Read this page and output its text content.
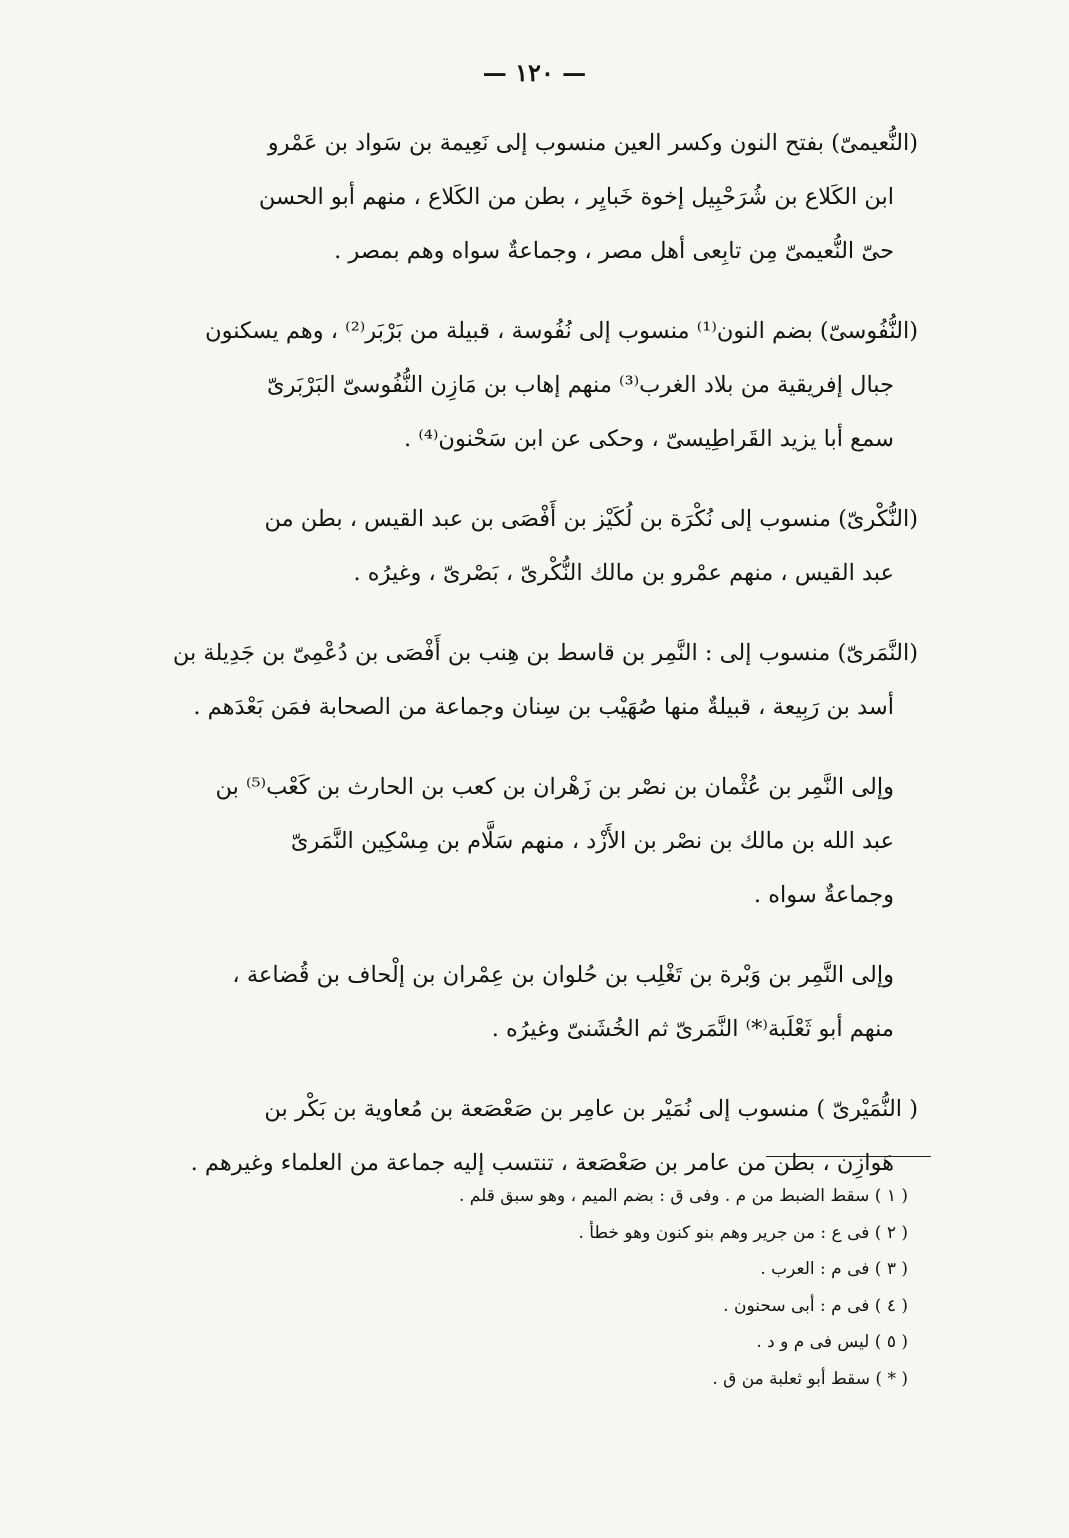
— ١٢٠ —
(النُّعيمىّ) بفتح النون وكسر العين منسوب إلى نَعِيمة بن سَواد بن عَمْرو
ابن الكَلاع بن شُرَحْبِيل إخوة خَبايِر ، بطن من الكَلاع ، منهم أبو الحسن
حىّ النُّعيمىّ مِن تابِعى أهل مصر ، وجماعةٌ سواه وهم بمصر .
(النُّفُوسىّ) بضم النون⁽¹⁾ منسوب إلى نُفُوسة ، قبيلة من بَرْبَر⁽²⁾ ، وهم يسكنون
جبال إفريقية من بلاد الغرب⁽³⁾ منهم إهاب بن مَازِن النُّفُوسىّ البَرْبَرىّ
سمع أبا يزيد القَراطِيسىّ ، وحكى عن ابن سَحْنون⁽⁴⁾ .
(النُّكْرىّ) منسوب إلى نُكْرَة بن لُكَيْز بن أَفْصَى بن عبد القيس ، بطن من
عبد القيس ، منهم عمْرو بن مالك النُّكْرىّ ، بَصْرىّ ، وغيرُه .
(النَّمَرىّ) منسوب إلى : النَّمِر بن قاسط بن هِنب بن أَفْصَى بن دُعْمِىّ بن جَدِيلة بن
أسد بن رَبِيعة ، قبيلةٌ منها صُهَيْب بن سِنان وجماعة من الصحابة فمَن بَعْدَهم .
وإلى النَّمِر بن عُثْمان بن نصْر بن زَهْران بن كعب بن الحارث بن كَعْب⁽⁵⁾ بن
عبد الله بن مالك بن نصْر بن الأَزْد ، منهم سَلَّام بن مِسْكِين النَّمَرىّ
وجماعةٌ سواه .
وإلى النَّمِر بن وَبْرة بن تَغْلِب بن حُلوان بن عِمْران بن إلْحاف بن قُضاعة ،
منهم أبو ثَعْلَبة⁽*⁾ النَّمَرىّ ثم الخُشَنىّ وغيرُه .
( النُّمَيْرىّ ) منسوب إلى نُمَيْر بن عامِر بن صَعْصَعة بن مُعاوية بن بَكْر بن
هَوازِن ، بطن من عامر بن صَعْصَعة ، تنتسب إليه جماعة من العلماء وغيرهم .
( ١ ) سقط الضبط من م . وفى ق : بضم الميم ، وهو سبق قلم .
( ٢ ) فى ع : من جرير وهم بنو كنون وهو خطأ .
( ٣ ) فى م : العرب .
( ٤ ) فى م : أبى سحنون .
( ٥ ) ليس فى م و د .
( * ) سقط أبو ثعلبة من ق .
